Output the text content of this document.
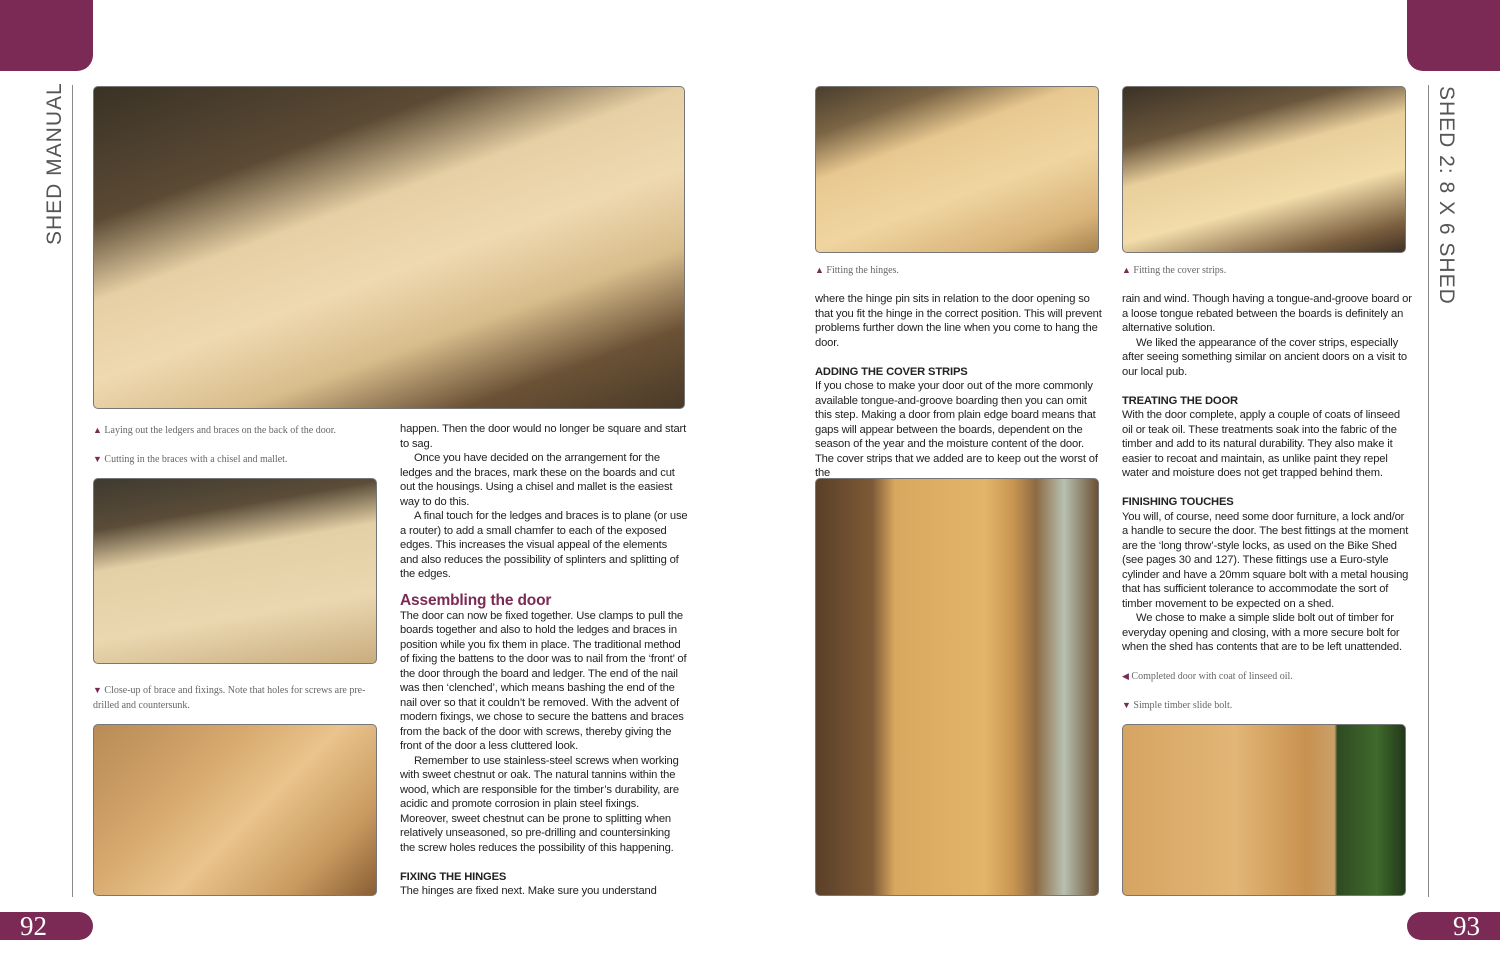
SHED MANUAL	SHED 2: 8 X 6 SHED
92	93
▲ Laying out the ledgers and braces on the back of the door.
▼ Cutting in the braces with a chisel and mallet.
▼ Close-up of brace and fixings. Note that holes for screws are pre-drilled and countersunk.
▲ Fitting the hinges.	▲ Fitting the cover strips.
◀ Completed door with coat of linseed oil.
▼ Simple timber slide bolt.

happen. Then the door would no longer be square and start to sag.

Once you have decided on the arrangement for the ledges and the braces, mark these on the boards and cut out the housings. Using a chisel and mallet is the easiest way to do this.

A final touch for the ledges and braces is to plane (or use a router) to add a small chamfer to each of the exposed edges. This increases the visual appeal of the elements and also reduces the possibility of splinters and splitting of the edges.

Assembling the door

The door can now be fixed together. Use clamps to pull the boards together and also to hold the ledges and braces in position while you fix them in place. The traditional method of fixing the battens to the door was to nail from the ‘front’ of the door through the board and ledger. The end of the nail was then ‘clenched’, which means bashing the end of the nail over so that it couldn’t be removed. With the advent of modern fixings, we chose to secure the battens and braces from the back of the door with screws, thereby giving the front of the door a less cluttered look.

Remember to use stainless-steel screws when working with sweet chestnut or oak. The natural tannins within the wood, which are responsible for the timber’s durability, are acidic and promote corrosion in plain steel fixings. Moreover, sweet chestnut can be prone to splitting when relatively unseasoned, so pre-drilling and countersinking the screw holes reduces the possibility of this happening.

FIXING THE HINGES

The hinges are fixed next. Make sure you understand

where the hinge pin sits in relation to the door opening so that you fit the hinge in the correct position. This will prevent problems further down the line when you come to hang the door.

ADDING THE COVER STRIPS

If you chose to make your door out of the more commonly available tongue-and-groove boarding then you can omit this step. Making a door from plain edge board means that gaps will appear between the boards, dependent on the season of the year and the moisture content of the door. The cover strips that we added are to keep out the worst of the

rain and wind. Though having a tongue-and-groove board or a loose tongue rebated between the boards is definitely an alternative solution.

We liked the appearance of the cover strips, especially after seeing something similar on ancient doors on a visit to our local pub.

TREATING THE DOOR

With the door complete, apply a couple of coats of linseed oil or teak oil. These treatments soak into the fabric of the timber and add to its natural durability. They also make it easier to recoat and maintain, as unlike paint they repel water and moisture does not get trapped behind them.

FINISHING TOUCHES

You will, of course, need some door furniture, a lock and/or a handle to secure the door. The best fittings at the moment are the ‘long throw’-style locks, as used on the Bike Shed (see pages 30 and 127). These fittings use a Euro-style cylinder and have a 20mm square bolt with a metal housing that has sufficient tolerance to accommodate the sort of timber movement to be expected on a shed.

We chose to make a simple slide bolt out of timber for everyday opening and closing, with a more secure bolt for when the shed has contents that are to be left unattended.
